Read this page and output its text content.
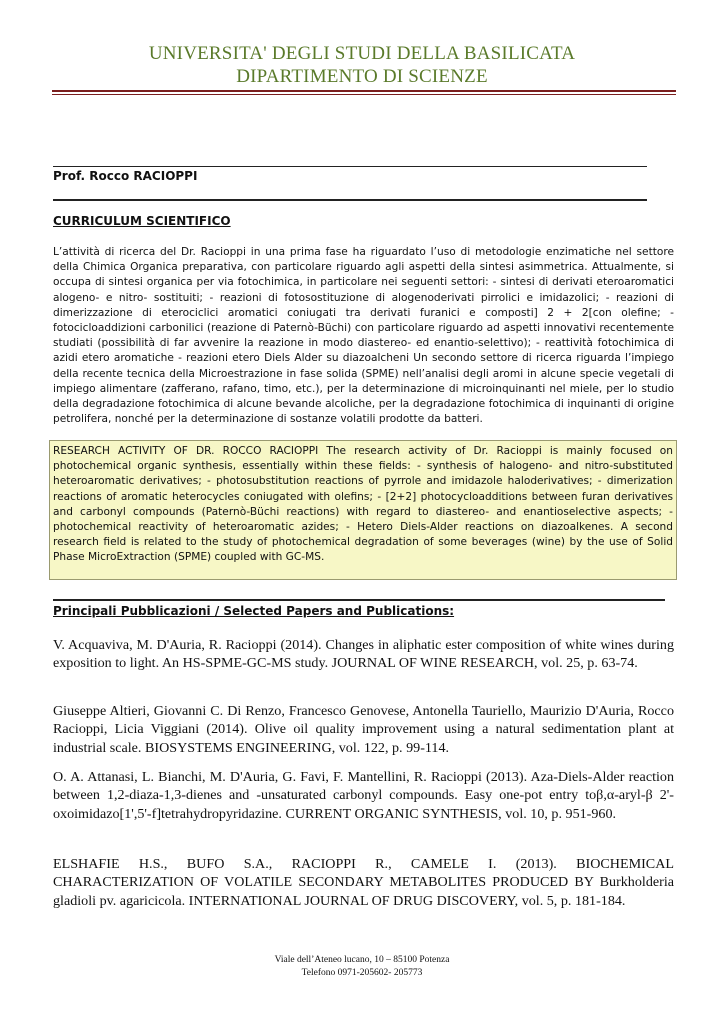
UNIVERSITA' DEGLI STUDI DELLA BASILICATA
DIPARTIMENTO DI SCIENZE
Prof. Rocco RACIOPPI
CURRICULUM SCIENTIFICO
L’attività di ricerca del Dr. Racioppi in una prima fase ha riguardato l’uso di metodologie enzimatiche nel settore della Chimica Organica preparativa, con particolare riguardo agli aspetti della sintesi asimmetrica. Attualmente, si occupa di sintesi organica per via fotochimica, in particolare nei seguenti settori: - sintesi di derivati eteroaromatici alogeno- e nitro- sostituiti; - reazioni di fotosostituzione di alogenoderivati pirrolici e imidazolici; - reazioni di dimerizzazione di eterociclici aromatici coniugati tra derivati furanici e composti] 2 + 2[con olefine; - fotocicloaddizioni carbonilici (reazione di Paternò-Büchi) con particolare riguardo ad aspetti innovativi recentemente studiati (possibilità di far avvenire la reazione in modo diastereo- ed enantio-selettivo); - reattività fotochimica di azidi etero aromatiche - reazioni etero Diels Alder su diazoalcheni Un secondo settore di ricerca riguarda l’impiego della recente tecnica della Microestrazione in fase solida (SPME) nell’analisi degli aromi in alcune specie vegetali di impiego alimentare (zafferano, rafano, timo, etc.), per la determinazione di microinquinanti nel miele, per lo studio della degradazione fotochimica di alcune bevande alcoliche, per la degradazione fotochimica di inquinanti di origine petrolifera, nonché per la determinazione di sostanze volatili prodotte da batteri.
RESEARCH ACTIVITY OF DR. ROCCO RACIOPPI The research activity of Dr. Racioppi is mainly focused on photochemical organic synthesis, essentially within these fields: - synthesis of halogeno- and nitro-substituted heteroaromatic derivatives; - photosubstitution reactions of pyrrole and imidazole haloderivatives; - dimerization reactions of aromatic heterocycles coniugated with olefins; - [2+2] photocycloadditions between furan derivatives and carbonyl compounds (Paternò-Büchi reactions) with regard to diastereo- and enantioselective aspects; - photochemical reactivity of heteroaromatic azides; - Hetero Diels-Alder reactions on diazoalkenes. A second research field is related to the study of photochemical degradation of some beverages (wine) by the use of Solid Phase MicroExtraction (SPME) coupled with GC-MS.
Principali Pubblicazioni / Selected Papers and Publications:
V. Acquaviva, M. D'Auria, R. Racioppi (2014). Changes in aliphatic ester composition of white wines during exposition to light. An HS-SPME-GC-MS study. JOURNAL OF WINE RESEARCH, vol. 25, p. 63-74.
Giuseppe Altieri, Giovanni C. Di Renzo, Francesco Genovese, Antonella Tauriello, Maurizio D'Auria, Rocco Racioppi, Licia Viggiani (2014). Olive oil quality improvement using a natural sedimentation plant at industrial scale. BIOSYSTEMS ENGINEERING, vol. 122, p. 99-114.
O. A. Attanasi, L. Bianchi, M. D'Auria, G. Favi, F. Mantellini, R. Racioppi (2013). Aza-Diels-Alder reaction between 1,2-diaza-1,3-dienes and -unsaturated carbonyl compounds. Easy one-pot entry toβ,α-aryl-β 2'-oxoimidazo[1',5'-f]tetrahydropyridazine. CURRENT ORGANIC SYNTHESIS, vol. 10, p. 951-960.
ELSHAFIE H.S., BUFO S.A., RACIOPPI R., CAMELE I. (2013). BIOCHEMICAL CHARACTERIZATION OF VOLATILE SECONDARY METABOLITES PRODUCED BY Burkholderia gladioli pv. agaricicola. INTERNATIONAL JOURNAL OF DRUG DISCOVERY, vol. 5, p. 181-184.
Viale dell’Ateneo lucano, 10 – 85100 Potenza
Telefono 0971-205602- 205773
